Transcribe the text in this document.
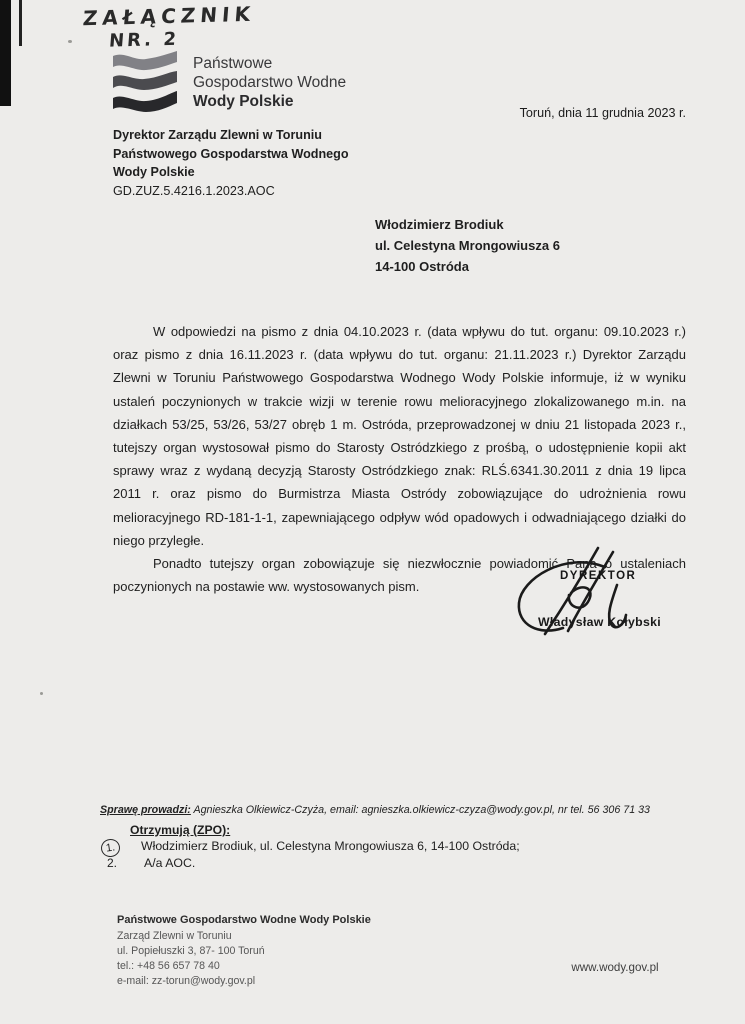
ZAŁĄCZNIK
NR. 2
Państwowe
Gospodarstwo Wodne
Wody Polskie
Toruń, dnia 11 grudnia 2023 r.
Dyrektor Zarządu Zlewni w Toruniu
Państwowego Gospodarstwa Wodnego
Wody Polskie
GD.ZUZ.5.4216.1.2023.AOC
Włodzimierz Brodiuk
ul. Celestyna Mrongowiusza 6
14-100 Ostróda

W odpowiedzi na pismo z dnia 04.10.2023 r. (data wpływu do tut. organu: 09.10.2023 r.) oraz pismo z dnia 16.11.2023 r. (data wpływu do tut. organu: 21.11.2023 r.) Dyrektor Zarządu Zlewni w Toruniu Państwowego Gospodarstwa Wodnego Wody Polskie informuje, iż w wyniku ustaleń poczynionych w trakcie wizji w terenie rowu melioracyjnego zlokalizowanego m.in. na działkach 53/25, 53/26, 53/27 obręb 1 m. Ostróda, przeprowadzonej w dniu 21 listopada 2023 r., tutejszy organ wystosował pismo do Starosty Ostródzkiego z prośbą, o udostępnienie kopii akt sprawy wraz z wydaną decyzją Starosty Ostródzkiego znak: RLŚ.6341.30.2011 z dnia 19 lipca 2011 r. oraz pismo do Burmistrza Miasta Ostródy zobowiązujące do udrożnienia rowu melioracyjnego RD-181-1-1, zapewniającego odpływ wód opadowych i odwadniającego działki do niego przyległe.

Ponadto tutejszy organ zobowiązuje się niezwłocznie powiadomić Pana o ustaleniach poczynionych na postawie ww. wystosowanych pism.

DYREKTOR
Władysław Kołybski
Sprawę prowadzi: Agnieszka Olkiewicz-Czyża, email: agnieszka.olkiewicz-czyza@wody.gov.pl, nr tel. 56 306 71 33
Otrzymują (ZPO):
1. Włodzimierz Brodiuk, ul. Celestyna Mrongowiusza 6, 14-100 Ostróda;
2. A/a AOC.
Państwowe Gospodarstwo Wodne Wody Polskie
Zarząd Zlewni w Toruniu
ul. Popiełuszki 3, 87- 100 Toruń
tel.: +48 56 657 78 40
e-mail: zz-torun@wody.gov.pl
www.wody.gov.pl
